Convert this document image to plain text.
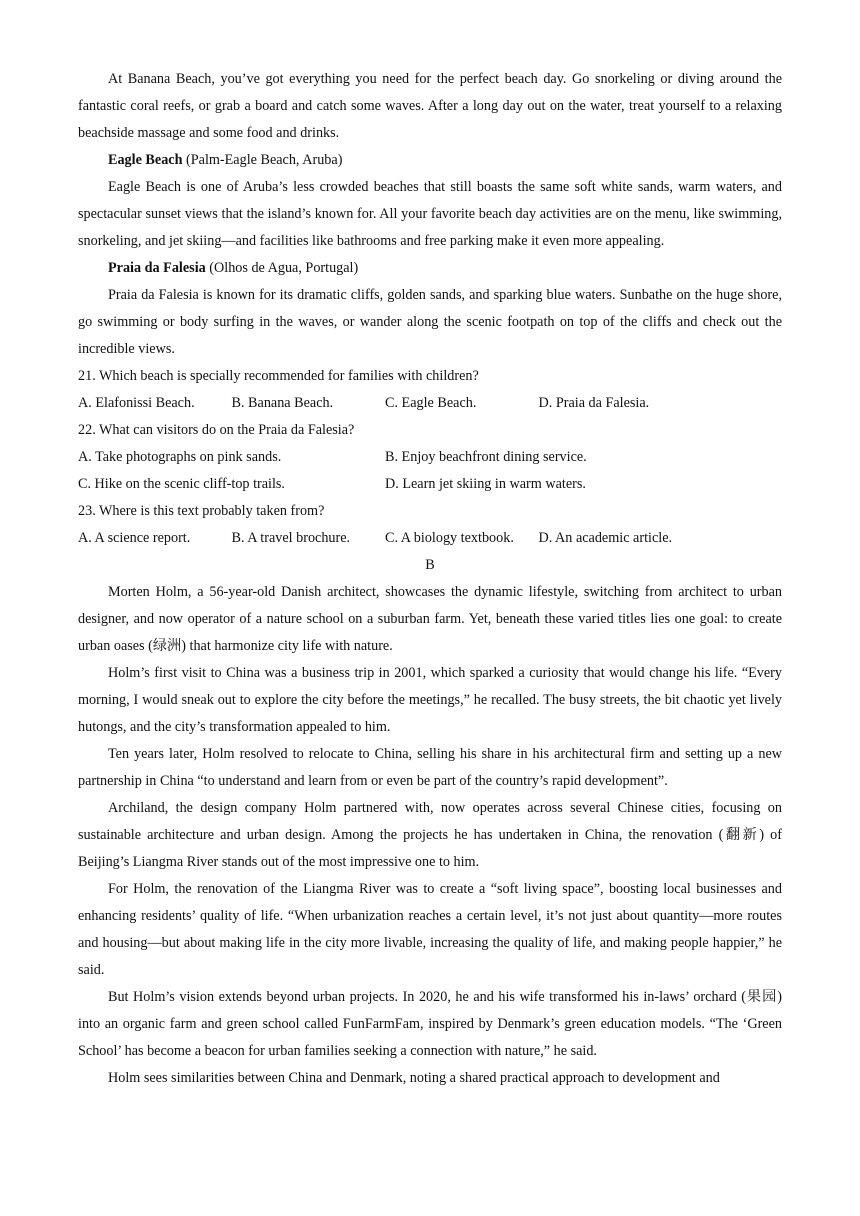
At Banana Beach, you’ve got everything you need for the perfect beach day. Go snorkeling or diving around the fantastic coral reefs, or grab a board and catch some waves. After a long day out on the water, treat yourself to a relaxing beachside massage and some food and drinks.

Eagle Beach (Palm-Eagle Beach, Aruba)

Eagle Beach is one of Aruba’s less crowded beaches that still boasts the same soft white sands, warm waters, and spectacular sunset views that the island’s known for. All your favorite beach day activities are on the menu, like swimming, snorkeling, and jet skiing—and facilities like bathrooms and free parking make it even more appealing.

Praia da Falesia (Olhos de Agua, Portugal)

Praia da Falesia is known for its dramatic cliffs, golden sands, and sparking blue waters. Sunbathe on the huge shore, go swimming or body surfing in the waves, or wander along the scenic footpath on top of the cliffs and check out the incredible views.

21. Which beach is specially recommended for families with children?

A. Elafonissi Beach.	B. Banana Beach.	C. Eagle Beach.	D. Praia da Falesia.

22. What can visitors do on the Praia da Falesia?

A. Take photographs on pink sands.	B. Enjoy beachfront dining service.
C. Hike on the scenic cliff-top trails.	D. Learn jet skiing in warm waters.

23. Where is this text probably taken from?

A. A science report.	B. A travel brochure.	C. A biology textbook.	D. An academic article.

B

Morten Holm, a 56-year-old Danish architect, showcases the dynamic lifestyle, switching from architect to urban designer, and now operator of a nature school on a suburban farm. Yet, beneath these varied titles lies one goal: to create urban oases (绿洲) that harmonize city life with nature.

Holm’s first visit to China was a business trip in 2001, which sparked a curiosity that would change his life. “Every morning, I would sneak out to explore the city before the meetings,” he recalled. The busy streets, the bit chaotic yet lively hutongs, and the city’s transformation appealed to him.

Ten years later, Holm resolved to relocate to China, selling his share in his architectural firm and setting up a new partnership in China “to understand and learn from or even be part of the country’s rapid development”.

Archiland, the design company Holm partnered with, now operates across several Chinese cities, focusing on sustainable architecture and urban design. Among the projects he has undertaken in China, the renovation (翻新) of Beijing’s Liangma River stands out of the most impressive one to him.

For Holm, the renovation of the Liangma River was to create a “soft living space”, boosting local businesses and enhancing residents’ quality of life. “When urbanization reaches a certain level, it’s not just about quantity—more routes and housing—but about making life in the city more livable, increasing the quality of life, and making people happier,” he said.

But Holm’s vision extends beyond urban projects. In 2020, he and his wife transformed his in-laws’ orchard (果园) into an organic farm and green school called FunFarmFam, inspired by Denmark’s green education models. “The ‘Green School’ has become a beacon for urban families seeking a connection with nature,” he said.

Holm sees similarities between China and Denmark, noting a shared practical approach to development and
